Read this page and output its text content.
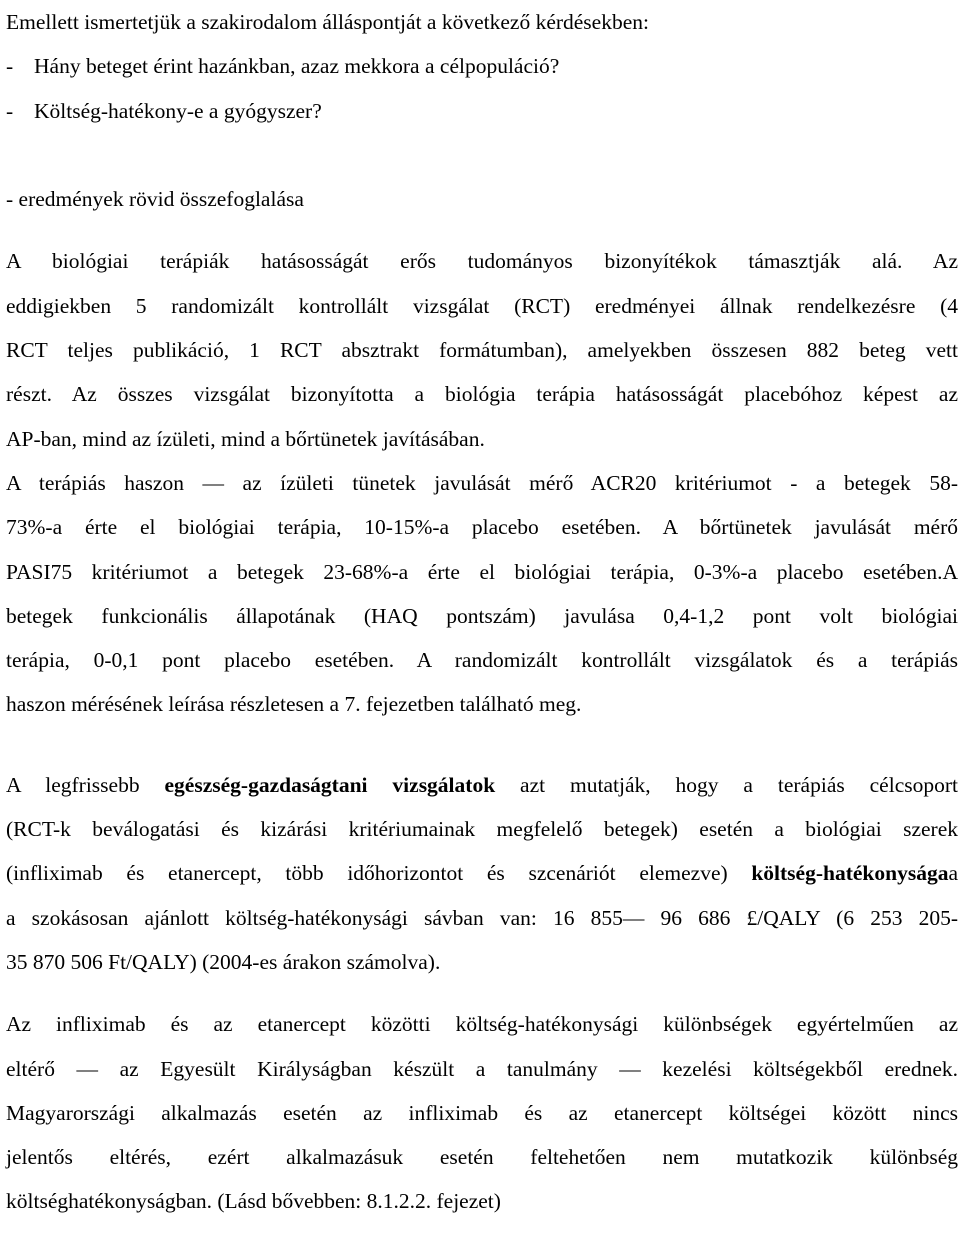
Emellett ismertetjük a szakirodalom álláspontját a következő kérdésekben:
- Hány beteget érint hazánkban, azaz mekkora a célpopuláció?
- Költség-hatékony-e a gyógyszer?
- eredmények rövid összefoglalása
A biológiai terápiák hatásosságát erős tudományos bizonyítékok támasztják alá. Az
eddigiekben 5 randomizált kontrollált vizsgálat (RCT) eredményei állnak rendelkezésre (4
RCT teljes publikáció, 1 RCT absztrakt formátumban), amelyekben összesen 882 beteg vett
részt. Az összes vizsgálat bizonyította a biológia terápia hatásosságát placebóhoz képest az
AP-ban, mind az ízületi, mind a bőrtünetek javításában.
A terápiás haszon — az ízületi tünetek javulását mérő ACR20 kritériumot - a betegek 58-
73%-a érte el biológiai terápia, 10-15%-a placebo esetében. A bőrtünetek javulását mérő
PASI75 kritériumot a betegek 23-68%-a érte el biológiai terápia, 0-3%-a placebo esetében.A
betegek funkcionális állapotának (HAQ pontszám) javulása 0,4-1,2 pont volt biológiai
terápia, 0-0,1 pont placebo esetében. A randomizált kontrollált vizsgálatok és a terápiás
haszon mérésének leírása részletesen a 7. fejezetben található meg.
A legfrissebb egészség-gazdaságtani vizsgálatok azt mutatják, hogy a terápiás célcsoport
(RCT-k beválogatási és kizárási kritériumainak megfelelő betegek) esetén a biológiai szerek
(infliximab és etanercept, több időhorizontot és szcenáriót elemezve) költség-hatékonyságaa
a szokásosan ajánlott költség-hatékonysági sávban van: 16 855— 96 686 £/QALY (6 253 205-
35 870 506 Ft/QALY) (2004-es árakon számolva).
Az infliximab és az etanercept közötti költség-hatékonysági különbségek egyértelműen az
eltérő — az Egyesült Királyságban készült a tanulmány — kezelési költségekből erednek.
Magyarországi alkalmazás esetén az infliximab és az etanercept költségei között nincs
jelentős eltérés, ezért alkalmazásuk esetén feltehetően nem mutatkozik különbség
költséghatékonyságban. (Lásd bővebben: 8.1.2.2. fejezet)
